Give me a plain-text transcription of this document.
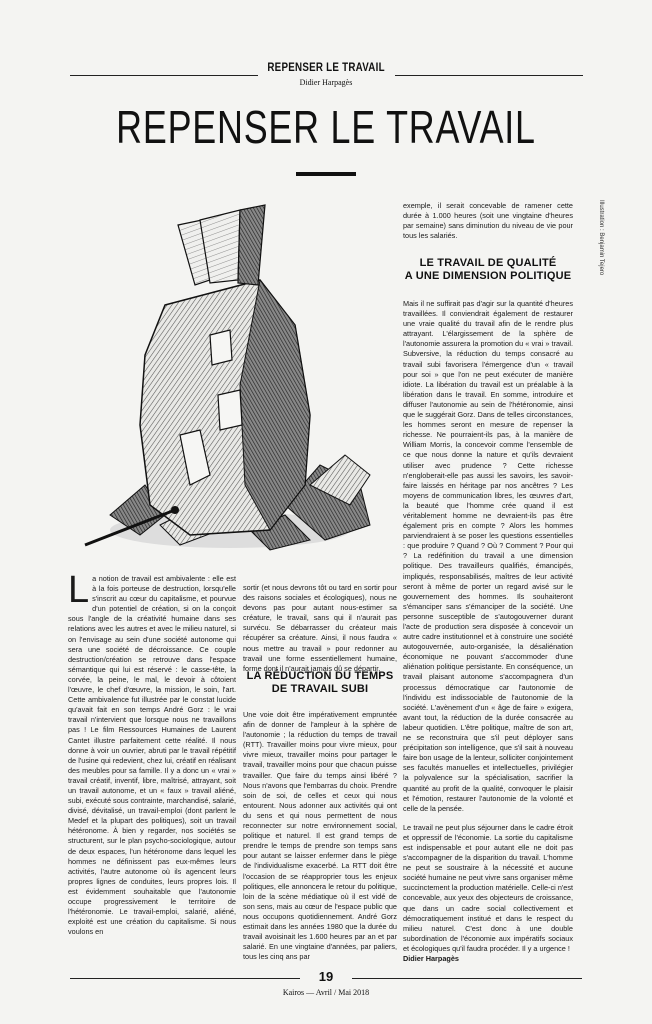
REPENSER LE TRAVAIL
Didier Harpagès
REPENSER LE TRAVAIL
Illustration : Benjamin Tejero

La notion de travail est ambivalente : elle est à la fois porteuse de destruction, lorsqu'elle s'inscrit au cœur du capitalisme, et pourvue d'un potentiel de création, si on la conçoit sous l'angle de la créativité humaine dans ses relations avec les autres et avec le milieu naturel, si on l'envisage au sein d'une société autonome qui sera une société de décroissance. Ce couple destruction/création se retrouve dans l'espace sémantique qui lui est réservé : le casse-tête, la corvée, la peine, le mal, le devoir à côtoient l'œuvre, le chef d'œuvre, la mission, le soin, l'art. Cette ambivalence fut illustrée par le constat lucide qu'avait fait en son temps André Gorz : le vrai travail n'intervient que lorsque nous ne travaillons pas ! Le film Ressources Humaines de Laurent Cantet illustre parfaitement cette réalité. Il nous donne à voir un ouvrier, abruti par le travail répétitif de l'usine qui redevient, chez lui, créatif en réalisant des meubles pour sa famille. Il y a donc un « vrai » travail créatif, inventif, libre, maîtrisé, attrayant, soit un travail autonome, et un « faux » travail aliéné, subi, exécuté sous contrainte, marchandisé, salarié, divisé, dévitalisé, un travail-emploi (dont parlent le Medef et la plupart des politiques), soit un travail hétéronome. À bien y regarder, nos sociétés se structurent, sur le plan psycho-sociologique, autour de deux espaces, l'un hétéronome dans lequel les hommes ne définissent pas eux-mêmes leurs activités, l'autre autonome où ils agencent leurs propres lignes de conduites, leurs propres lois. Il est évidemment souhaitable que l'autonomie occupe progressivement le territoire de l'hétéronomie. Le travail-emploi, salarié, aliéné, exploité est une création du capitalisme. Si nous voulons en

sortir (et nous devrons tôt ou tard en sortir pour des raisons sociales et écologiques), nous ne devons pas pour autant nous-estimer sa créature, le travail, sans qui il n'aurait pas survécu. Se débarrasser du créateur mais récupérer sa créature. Ainsi, il nous faudra « nous mettre au travail » pour redonner au travail une forme essentiellement humaine, forme dont il n'aurait jamais dû se départir.

LA RÉDUCTION DU TEMPS
DE TRAVAIL SUBI

Une voie doit être impérativement empruntée afin de donner de l'ampleur à la sphère de l'autonomie ; la réduction du temps de travail (RTT). Travailler moins pour vivre mieux, pour vivre mieux, travailler moins pour partager le travail, travailler moins pour que chacun puisse travailler. Que faire du temps ainsi libéré ? Nous n'avons que l'embarras du choix. Prendre soin de soi, de celles et ceux qui nous entourent. Nous adonner aux activités qui ont du sens et qui nous permettent de nous reconnecter sur notre environnement social, politique et naturel. Il est grand temps de prendre le temps de prendre son temps sans pour autant se laisser enfermer dans le piège de l'individualisme exacerbé. La RTT doit être l'occasion de se réapproprier tous les enjeux politiques, elle annoncera le retour du politique, loin de la scène médiatique où il est vidé de son sens, mais au cœur de l'espace public que nous occupons quotidiennement. André Gorz estimait dans les années 1980 que la durée du travail avoisinait les 1.600 heures par an et par salarié. En une vingtaine d'années, par paliers, tous les cinq ans par

exemple, il serait concevable de ramener cette durée à 1.000 heures (soit une vingtaine d'heures par semaine) sans diminution du niveau de vie pour tous les salariés.

LE TRAVAIL DE QUALITÉ
A UNE DIMENSION POLITIQUE

Mais il ne suffirait pas d'agir sur la quantité d'heures travaillées. Il conviendrait également de restaurer une vraie qualité du travail afin de le rendre plus attrayant. L'élargissement de la sphère de l'autonomie assurera la promotion du « vrai » travail. Subversive, la réduction du temps consacré au travail subi favorisera l'émergence d'un « travail pour soi » que l'on ne peut exécuter de manière idiote. La libération du travail est un préalable à la libération dans le travail. En somme, introduire et diffuser l'autonomie au sein de l'hétéronomie, ainsi que le suggérait Gorz. Dans de telles circonstances, les hommes seront en mesure de repenser la richesse. Ne pourraient-ils pas, à la manière de William Morris, la concevoir comme l'ensemble de ce que nous donne la nature et qu'ils devraient utiliser avec prudence ? Cette richesse n'engloberait-elle pas aussi les savoirs, les savoir-faire laissés en héritage par nos ancêtres ? Les moyens de communication libres, les œuvres d'art, la beauté que l'homme crée quand il est véritablement homme ne devraient-ils pas être également pris en compte ? Alors les hommes parviendraient à se poser les questions essentielles : que produire ? Quand ? Où ? Comment ? Pour qui ? La redéfinition du travail a une dimension politique. Des travailleurs qualifiés, émancipés, impliqués, responsabilisés, maîtres de leur activité seront à même de porter un regard avisé sur le gouvernement des hommes. Ils souhaiteront s'émanciper sans s'émanciper de la société. Une personne susceptible de s'autogouverner durant l'acte de production sera disposée à concevoir un autre cadre institutionnel et à construire une société autogouvernée, auto-organisée, la désaliénation économique ne pouvant s'accommoder d'une aliénation politique persistante. En conséquence, un travail plaisant autonome s'accompagnera d'un processus démocratique car l'autonomie de l'individu est indissociable de l'autonomie de la société. L'avènement d'un « âge de faire » exigera, avant tout, la réduction de la durée consacrée au labeur quotidien. L'être politique, maître de son art, ne se reconstruira que s'il peut déployer sans précipitation son intelligence, que s'il sait à nouveau faire bon usage de la lenteur, solliciter conjointement ses facultés manuelles et intellectuelles, privilégier la polyvalence sur la spécialisation, sacrifier la quantité au profit de la qualité, convoquer le plaisir et l'émotion, restaurer l'autonomie de la volonté et celle de la pensée.

Le travail ne peut plus séjourner dans le cadre étroit et oppressif de l'économie. La sortie du capitalisme est indispensable et pour autant elle ne doit pas s'accompagner de la disparition du travail. L'homme ne peut se soustraire à la nécessité et aucune société humaine ne peut vivre sans organiser même succinctement la production matérielle. Celle-ci n'est concevable, aux yeux des objecteurs de croissance, que dans un cadre social collectivement et démocratiquement institué et dans le respect du milieu naturel. C'est donc à une double subordination de l'économie aux impératifs sociaux et écologiques qu'il faudra procéder. Il y a urgence !

Didier Harpagès

19
Kairos — Avril / Mai 2018
